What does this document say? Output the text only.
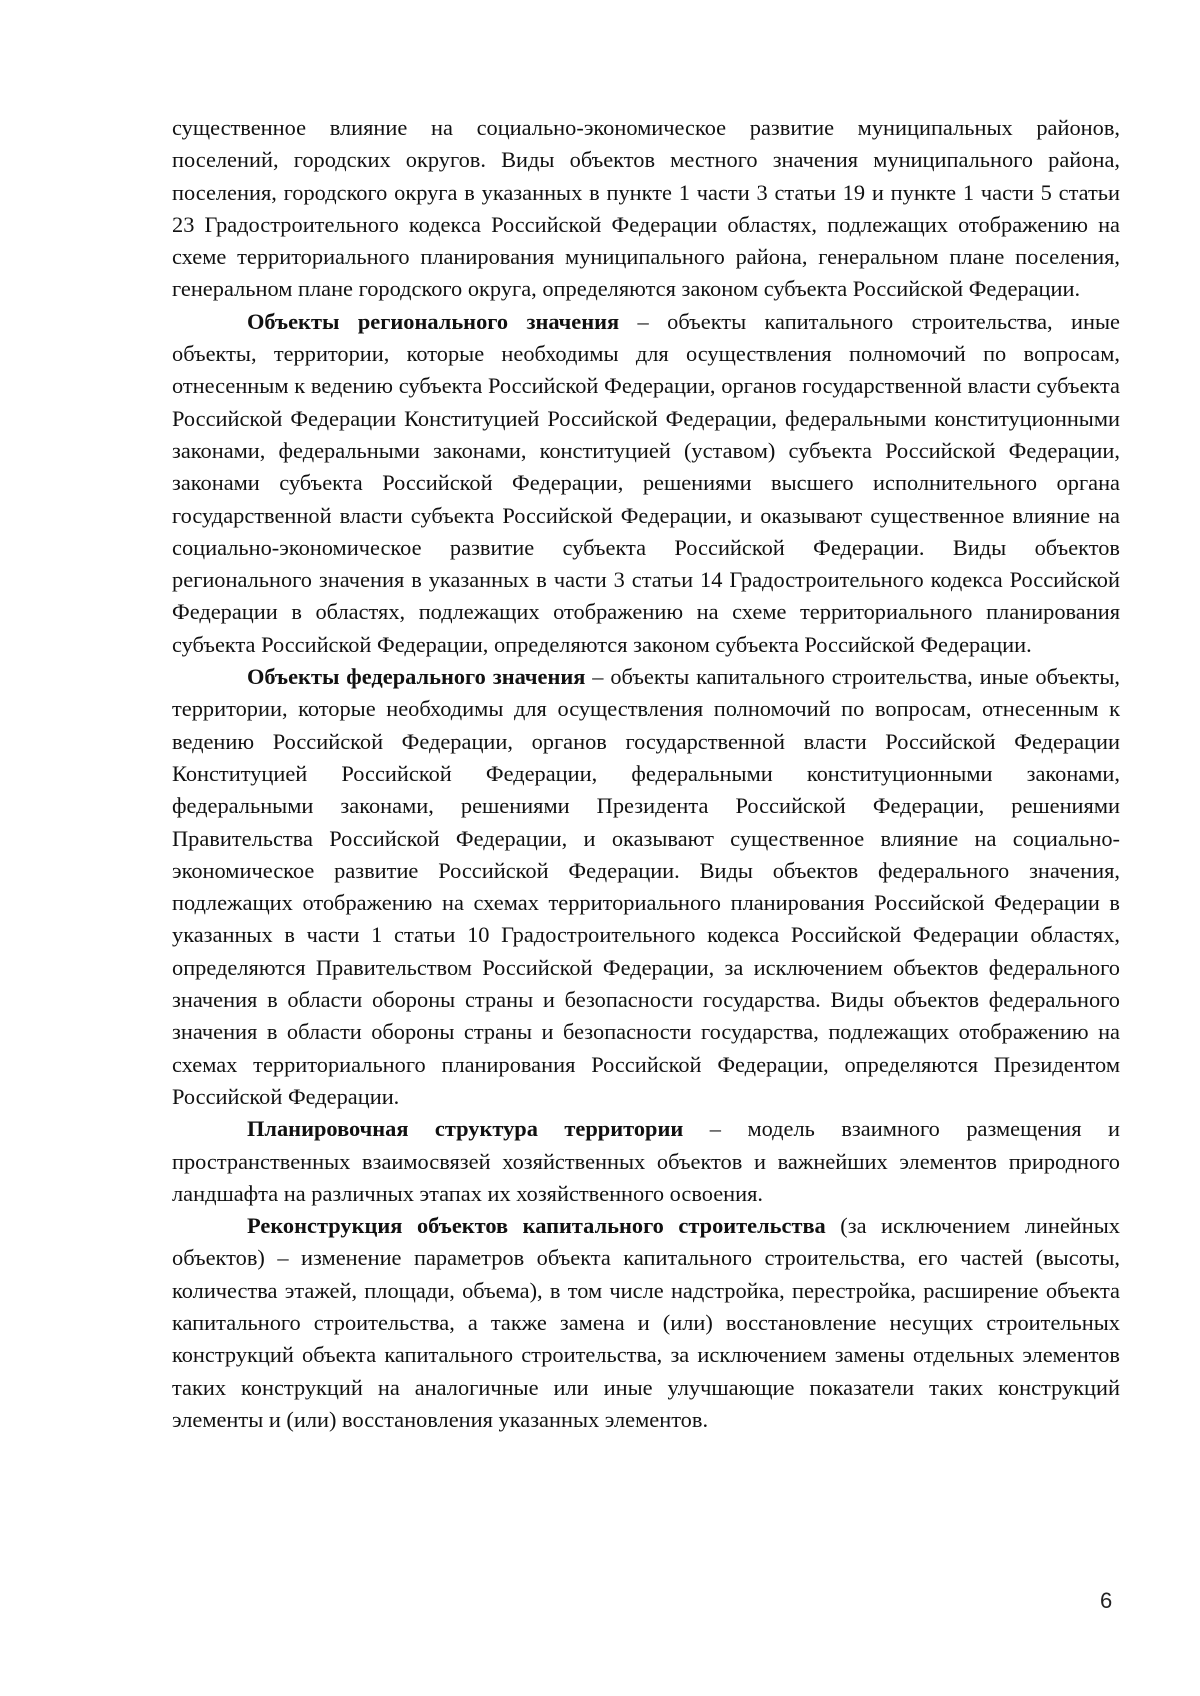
существенное влияние на социально-экономическое развитие муниципальных районов, поселений, городских округов. Виды объектов местного значения муниципального района, поселения, городского округа в указанных в пункте 1 части 3 статьи 19 и пункте 1 части 5 статьи 23 Градостроительного кодекса Российской Федерации областях, подлежащих отображению на схеме территориального планирования муниципального района, генеральном плане поселения, генеральном плане городского округа, определяются законом субъекта Российской Федерации.

Объекты регионального значения – объекты капитального строительства, иные объекты, территории, которые необходимы для осуществления полномочий по вопросам, отнесенным к ведению субъекта Российской Федерации, органов государственной власти субъекта Российской Федерации Конституцией Российской Федерации, федеральными конституционными законами, федеральными законами, конституцией (уставом) субъекта Российской Федерации, законами субъекта Российской Федерации, решениями высшего исполнительного органа государственной власти субъекта Российской Федерации, и оказывают существенное влияние на социально-экономическое развитие субъекта Российской Федерации. Виды объектов регионального значения в указанных в части 3 статьи 14 Градостроительного кодекса Российской Федерации в областях, подлежащих отображению на схеме территориального планирования субъекта Российской Федерации, определяются законом субъекта Российской Федерации.

Объекты федерального значения – объекты капитального строительства, иные объекты, территории, которые необходимы для осуществления полномочий по вопросам, отнесенным к ведению Российской Федерации, органов государственной власти Российской Федерации Конституцией Российской Федерации, федеральными конституционными законами, федеральными законами, решениями Президента Российской Федерации, решениями Правительства Российской Федерации, и оказывают существенное влияние на социально-экономическое развитие Российской Федерации. Виды объектов федерального значения, подлежащих отображению на схемах территориального планирования Российской Федерации в указанных в части 1 статьи 10 Градостроительного кодекса Российской Федерации областях, определяются Правительством Российской Федерации, за исключением объектов федерального значения в области обороны страны и безопасности государства. Виды объектов федерального значения в области обороны страны и безопасности государства, подлежащих отображению на схемах территориального планирования Российской Федерации, определяются Президентом Российской Федерации.

Планировочная структура территории – модель взаимного размещения и пространственных взаимосвязей хозяйственных объектов и важнейших элементов природного ландшафта на различных этапах их хозяйственного освоения.

Реконструкция объектов капитального строительства (за исключением линейных объектов) – изменение параметров объекта капитального строительства, его частей (высоты, количества этажей, площади, объема), в том числе надстройка, перестройка, расширение объекта капитального строительства, а также замена и (или) восстановление несущих строительных конструкций объекта капитального строительства, за исключением замены отдельных элементов таких конструкций на аналогичные или иные улучшающие показатели таких конструкций элементы и (или) восстановления указанных элементов.

6
